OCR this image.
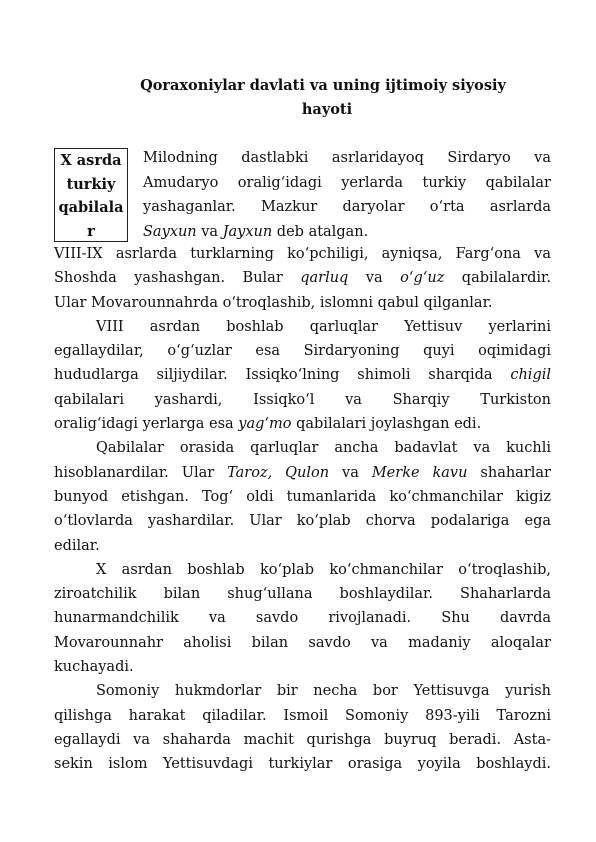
Qoraxoniylar davlati va uning ijtimoiy siyosiy
hayoti
X asrda
turkiy
qabilala
r
Milodning dastlabki asrlaridayoq Sirdaryo va
Amudaryo oralig‘idagi yerlarda turkiy qabilalar
yashaganlar. Mazkur daryolar o‘rta asrlarda
Sayxun va Jayxun deb atalgan.
VIII-IX asrlarda turklarning ko‘pchiligi, ayniqsa, Farg‘ona va
Shoshda yashashgan. Bular qarluq va o‘g‘uz qabilalardir.
Ular Movarounnahrda o‘troqlashib, islomni qabul qilganlar.
VIII asrdan boshlab qarluqlar Yettisuv yerlarini
egallaydilar, o‘g‘uzlar esa Sirdaryoning quyi oqimidagi
hududlarga siljiydilar. Issiqko‘lning shimoli sharqida chigil
qabilalari yashardi, Issiqko‘l va Sharqiy Turkiston
oralig‘idagi yerlarga esa yag‘mo qabilalari joylashgan edi.
Qabilalar orasida qarluqlar ancha badavlat va kuchli
hisoblanardilar. Ular Taroz, Qulon va Merke kavu shaharlar
bunyod etishgan. Tog‘ oldi tumanlarida ko‘chmanchilar kigiz
o‘tlovlarda yashardilar. Ular ko‘plab chorva podalariga ega
edilar.
X asrdan boshlab ko‘plab ko‘chmanchilar o‘troqlashib,
ziroatchilik bilan shug‘ullana boshlaydilar. Shaharlarda
hunarmandchilik va savdo rivojlanadi. Shu davrda
Movarounnahr aholisi bilan savdo va madaniy aloqalar
kuchayadi.
Somoniy hukmdorlar bir necha bor Yettisuvga yurish
qilishga harakat qiladilar. Ismoil Somoniy 893-yili Tarozni
egallaydi va shaharda machit qurishga buyruq beradi. Asta-
sekin islom Yettisuvdagi turkiylar orasiga yoyila boshlaydi.
